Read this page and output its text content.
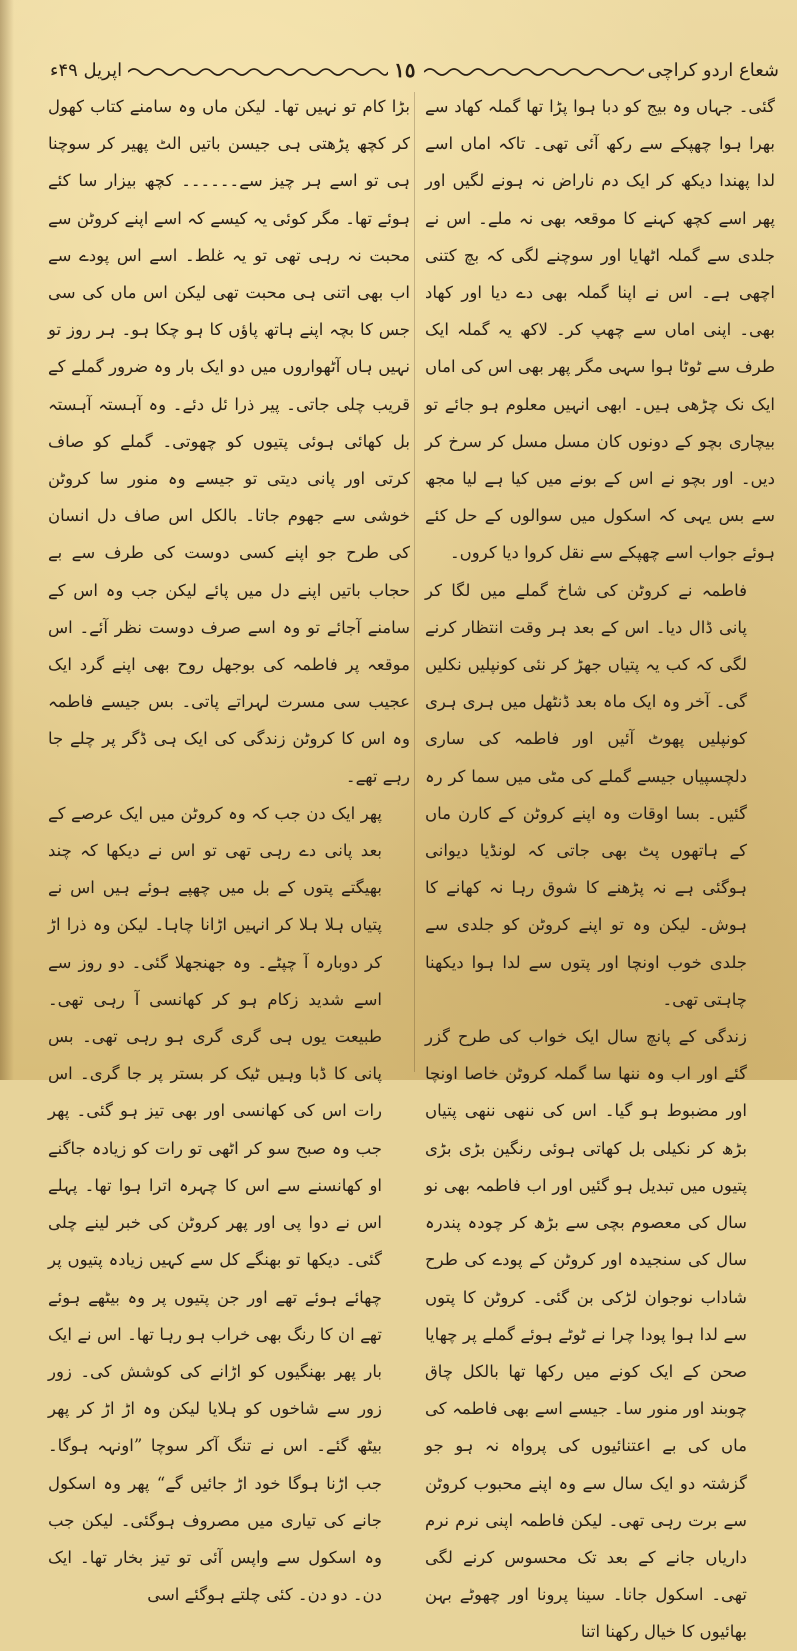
اپریل ۴۹ء	١٥	شعاع اردو کراچی

گئی۔ جہاں وہ بیج کو دبا ہوا پڑا تھا گملہ کھاد سے بھرا ہوا چھپکے سے رکھ آئی تھی۔ تاکہ اماں اسے لدا پھندا دیکھ کر ایک دم ناراض نہ ہونے لگیں اور پھر اسے کچھ کہنے کا موقعہ بھی نہ ملے۔ اس نے جلدی سے گملہ اٹھایا اور سوچنے لگی کہ بچ کتنی اچھی ہے۔ اس نے اپنا گملہ بھی دے دیا اور کھاد بھی۔ اپنی اماں سے چھپ کر۔ لاکھ یہ گملہ ایک طرف سے ٹوٹا ہوا سہی مگر پھر بھی اس کی اماں ایک نک چڑھی ہیں۔ ابھی انہیں معلوم ہو جائے تو بیچاری بچو کے دونوں کان مسل مسل کر سرخ کر دیں۔ اور بچو نے اس کے بونے میں کیا ہے لیا مجھ سے بس یہی کہ اسکول میں سوالوں کے حل کئے ہوئے جواب اسے چھپکے سے نقل کروا دیا کروں۔

فاطمہ نے کروٹن کی شاخ گملے میں لگا کر پانی ڈال دیا۔ اس کے بعد ہر وقت انتظار کرنے لگی کہ کب یہ پتیاں جھڑ کر نئی کونپلیں نکلیں گی۔ آخر وہ ایک ماہ بعد ڈنٹھل میں ہری ہری کونپلیں پھوٹ آئیں اور فاطمہ کی ساری دلچسپیاں جیسے گملے کی مٹی میں سما کر رہ گئیں۔ بسا اوقات وہ اپنے کروٹن کے کارن ماں کے ہاتھوں پٹ بھی جاتی کہ لونڈیا دیوانی ہوگئی ہے نہ پڑھنے کا شوق رہا نہ کھانے کا ہوش۔ لیکن وہ تو اپنے کروٹن کو جلدی سے جلدی خوب اونچا اور پتوں سے لدا ہوا دیکھنا چاہتی تھی۔

زندگی کے پانچ سال ایک خواب کی طرح گزر گئے اور اب وہ ننھا سا گملہ کروٹن خاصا اونچا اور مضبوط ہو گیا۔ اس کی ننھی ننھی پتیاں بڑھ کر نکیلی بل کھاتی ہوئی رنگین بڑی بڑی پتیوں میں تبدیل ہو گئیں اور اب فاطمہ بھی نو سال کی معصوم بچی سے بڑھ کر چودہ پندرہ سال کی سنجیدہ اور کروٹن کے پودے کی طرح شاداب نوجوان لڑکی بن گئی۔ کروٹن کا پتوں سے لدا ہوا پودا چرا نے ٹوٹے ہوئے گملے پر چھایا صحن کے ایک کونے میں رکھا تھا بالکل چاق چوبند اور منور سا۔ جیسے اسے بھی فاطمہ کی ماں کی بے اعتنائیوں کی پرواہ نہ ہو جو گزشتہ دو ایک سال سے وہ اپنے محبوب کروٹن سے برت رہی تھی۔ لیکن فاطمہ اپنی نرم نرم داریاں جانے کے بعد تک محسوس کرنے لگی تھی۔ اسکول جانا۔ سینا پرونا اور چھوٹے بہن بھائیوں کا خیال رکھنا اتنا

بڑا کام تو نہیں تھا۔ لیکن ماں وہ سامنے کتاب کھول کر کچھ پڑھتی ہی جیسن باتیں الٹ پھیر کر سوچنا ہی تو اسے ہر چیز سے۔۔۔۔۔۔ کچھ بیزار سا کئے ہوئے تھا۔ مگر کوئی یہ کیسے کہ اسے اپنے کروٹن سے محبت نہ رہی تھی تو یہ غلط۔ اسے اس پودے سے اب بھی اتنی ہی محبت تھی لیکن اس ماں کی سی جس کا بچہ اپنے ہاتھ پاؤں کا ہو چکا ہو۔ ہر روز تو نہیں ہاں آٹھواروں میں دو ایک بار وہ ضرور گملے کے قریب چلی جاتی۔ پیر ذرا ئل دئے۔ وہ آہستہ آہستہ بل کھائی ہوئی پتیوں کو چھوتی۔ گملے کو صاف کرتی اور پانی دیتی تو جیسے وہ منور سا کروٹن خوشی سے جھوم جاتا۔ بالکل اس صاف دل انسان کی طرح جو اپنے کسی دوست کی طرف سے بے حجاب باتیں اپنے دل میں پائے لیکن جب وہ اس کے سامنے آجائے تو وہ اسے صرف دوست نظر آئے۔ اس موقعہ پر فاطمہ کی بوجھل روح بھی اپنے گرد ایک عجیب سی مسرت لہراتے پاتی۔ بس جیسے فاطمہ وہ اس کا کروٹن زندگی کی ایک ہی ڈگر پر چلے جا رہے تھے۔

پھر ایک دن جب کہ وہ کروٹن میں ایک عرصے کے بعد پانی دے رہی تھی تو اس نے دیکھا کہ چند بھیگتے پتوں کے بل میں چھپے ہوئے ہیں اس نے پتیاں ہلا ہلا کر انہیں اڑانا چاہا۔ لیکن وہ ذرا اڑ کر دوبارہ آ چپٹے۔ وہ جھنجھلا گئی۔ دو روز سے اسے شدید زکام ہو کر کھانسی آ رہی تھی۔ طبیعت یوں ہی گری گری ہو رہی تھی۔ بس پانی کا ڈبا وہیں ٹیک کر بستر پر جا گری۔ اس رات اس کی کھانسی اور بھی تیز ہو گئی۔ پھر جب وہ صبح سو کر اٹھی تو رات کو زیادہ جاگنے او کھانسنے سے اس کا چہرہ اترا ہوا تھا۔ پہلے اس نے دوا پی اور پھر کروٹن کی خبر لینے چلی گئی۔ دیکھا تو بھنگے کل سے کہیں زیادہ پتیوں پر چھائے ہوئے تھے اور جن پتیوں پر وہ بیٹھے ہوئے تھے ان کا رنگ بھی خراب ہو رہا تھا۔ اس نے ایک بار پھر بھنگیوں کو اڑانے کی کوشش کی۔ زور زور سے شاخوں کو ہلایا لیکن وہ اڑ اڑ کر پھر بیٹھ گئے۔ اس نے تنگ آکر سوچا ”اونہہ ہوگا۔ جب اڑنا ہوگا خود اڑ جائیں گے“ پھر وہ اسکول جانے کی تیاری میں مصروف ہوگئی۔ لیکن جب وہ اسکول سے واپس آئی تو تیز بخار تھا۔ ایک دن۔ دو دن۔ کئی چلتے ہوگئے اسی
